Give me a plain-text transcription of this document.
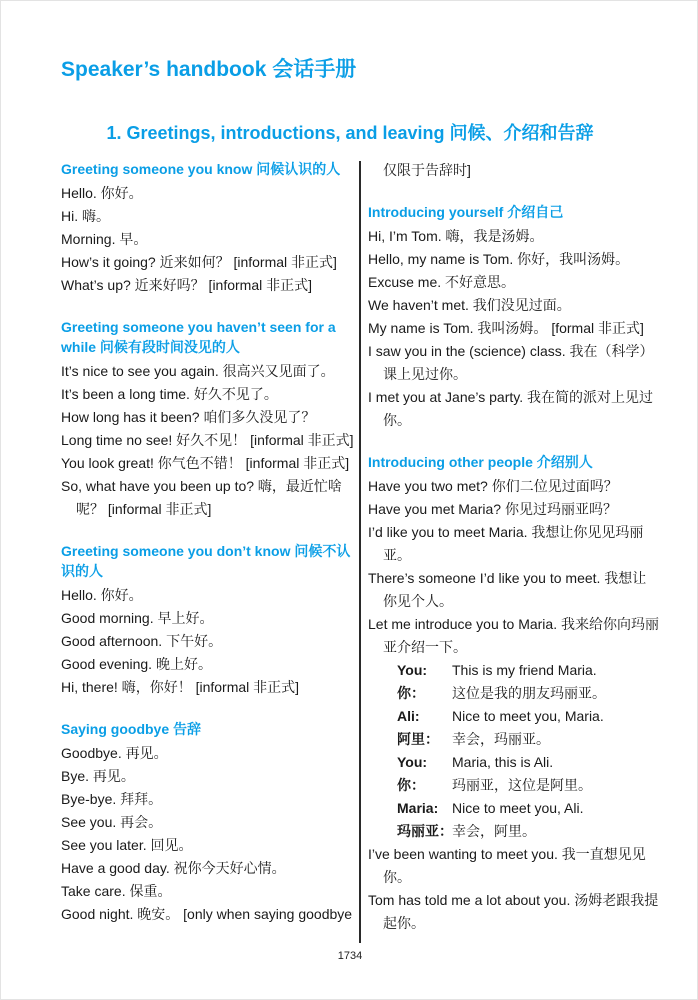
Speaker’s handbook 会话手册
1. Greetings, introductions, and leaving 问候、介绍和告辞
Greeting someone you know 问候认识的人
Hello. 你好。
Hi. 嗨。
Morning. 早。
How’s it going? 近来如何？ [informal 非正式]
What’s up? 近来好吗？ [informal 非正式]
Greeting someone you haven’t seen for a while 问候有段时间没见的人
It’s nice to see you again. 很高兴又见面了。
It’s been a long time. 好久不见了。
How long has it been? 咱们多久没见了？
Long time no see! 好久不见！ [informal 非正式]
You look great! 你气色不错！ [informal 非正式]
So, what have you been up to? 嗨，最近忙啥呢？ [informal 非正式]
Greeting someone you don’t know 问候不认识的人
Hello. 你好。
Good morning. 早上好。
Good afternoon. 下午好。
Good evening. 晚上好。
Hi, there! 嗨，你好！ [informal 非正式]
Saying goodbye 告辞
Goodbye. 再见。
Bye. 再见。
Bye-bye. 拜拜。
See you. 再会。
See you later. 回见。
Have a good day. 祝你今天好心情。
Take care. 保重。
Good night. 晚安。 [only when saying goodbye
仅限于告辞时]
Introducing yourself 介绍自己
Hi, I’m Tom. 嗨，我是汤姆。
Hello, my name is Tom. 你好，我叫汤姆。
Excuse me. 不好意思。
We haven’t met. 我们没见过面。
My name is Tom. 我叫汤姆。 [formal 非正式]
I saw you in the (science) class. 我在（科学）课上见过你。
I met you at Jane’s party. 我在简的派对上见过你。
Introducing other people 介绍别人
Have you two met? 你们二位见过面吗？
Have you met Maria? 你见过玛丽亚吗？
I’d like you to meet Maria. 我想让你见见玛丽亚。
There’s someone I’d like you to meet. 我想让你见个人。
Let me introduce you to Maria. 我来给你向玛丽亚介绍一下。
You:	This is my friend Maria.
你：	这位是我的朋友玛丽亚。
Ali:	Nice to meet you, Maria.
阿里： 幸会，玛丽亚。
You:	Maria, this is Ali.
你：	玛丽亚，这位是阿里。
Maria: Nice to meet you, Ali.
玛丽亚： 幸会，阿里。
I’ve been wanting to meet you. 我一直想见见你。
Tom has told me a lot about you. 汤姆老跟我提起你。
1734
